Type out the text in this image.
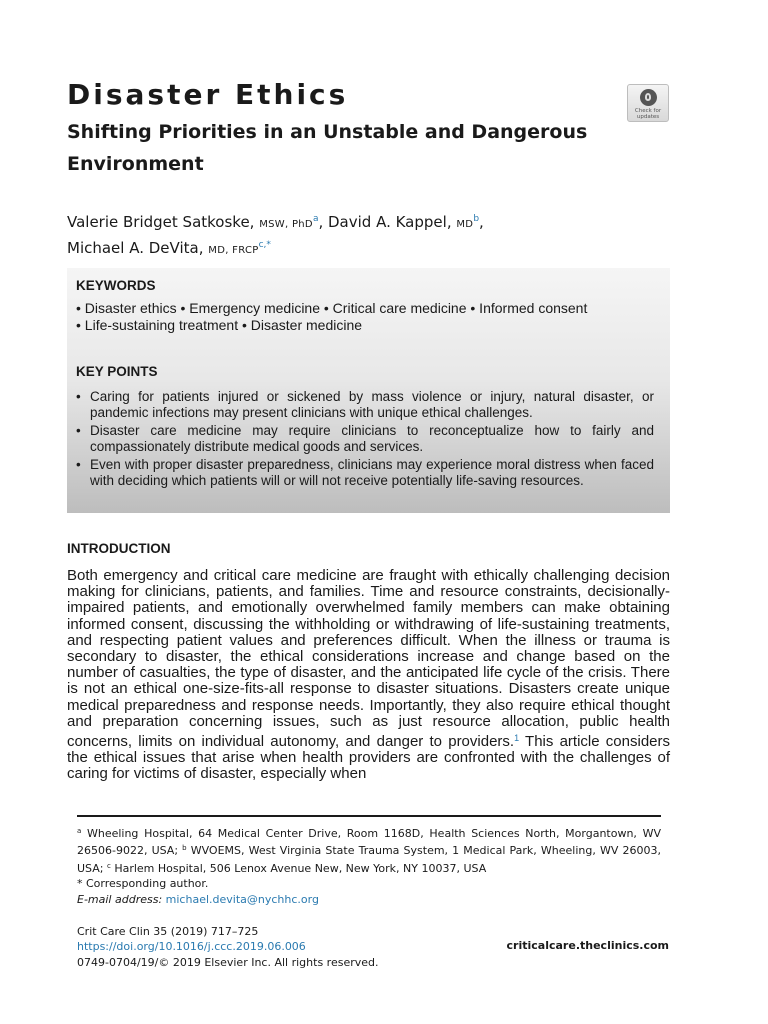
Disaster Ethics
Shifting Priorities in an Unstable and Dangerous Environment
Check for
updates
Valerie Bridget Satkoske, MSW, PhD$^a$, David A. Kappel, $MD^b$,
Michael A. DeVita, MD, $FRCP^{c,*}$

KEYWORDS

• Disaster ethics • Emergency medicine • Critical care medicine • Informed consent
• Life-sustaining treatment • Disaster medicine

KEY POINTS

• Caring for patients injured or sickened by mass violence or injury, natural disaster, or pandemic infections may present clinicians with unique ethical challenges.
• Disaster care medicine may require clinicians to reconceptualize how to fairly and compassionately distribute medical goods and services.
• Even with proper disaster preparedness, clinicians may experience moral distress when faced with deciding which patients will or will not receive potentially life-saving resources.
INTRODUCTION

Both emergency and critical care medicine are fraught with ethically challenging decision making for clinicians, patients, and families. Time and resource constraints, decisionally-impaired patients, and emotionally overwhelmed family members can make obtaining informed consent, discussing the withholding or withdrawing of life-sustaining treatments, and respecting patient values and preferences difficult. When the illness or trauma is secondary to disaster, the ethical considerations increase and change based on the number of casualties, the type of disaster, and the anticipated life cycle of the crisis. There is not an ethical one-size-fits-all response to disaster situations. Disasters create unique medical preparedness and response needs. Importantly, they also require ethical thought and preparation concerning issues, such as just resource allocation, public health concerns, limits on individual autonomy, and danger to providers.$^1$ This article considers the ethical issues that arise when health providers are confronted with the challenges of caring for victims of disaster, especially when

$^a$ Wheeling Hospital, 64 Medical Center Drive, Room 1168D, Health Sciences North, Morgantown, WV 26506-9022, USA; $^b$ WVOEMS, West Virginia State Trauma System, 1 Medical Park, Wheeling, WV 26003, USA; $^c$ Harlem Hospital, 506 Lenox Avenue New, New York, NY 10037, USA
* Corresponding author.
E-mail address: michael.devita@nychhc.org
Crit Care Clin 35 (2019) 717–725
https://doi.org/10.1016/j.ccc.2019.06.006
0749-0704/19/© 2019 Elsevier Inc. All rights reserved.
criticalcare.theclinics.com
